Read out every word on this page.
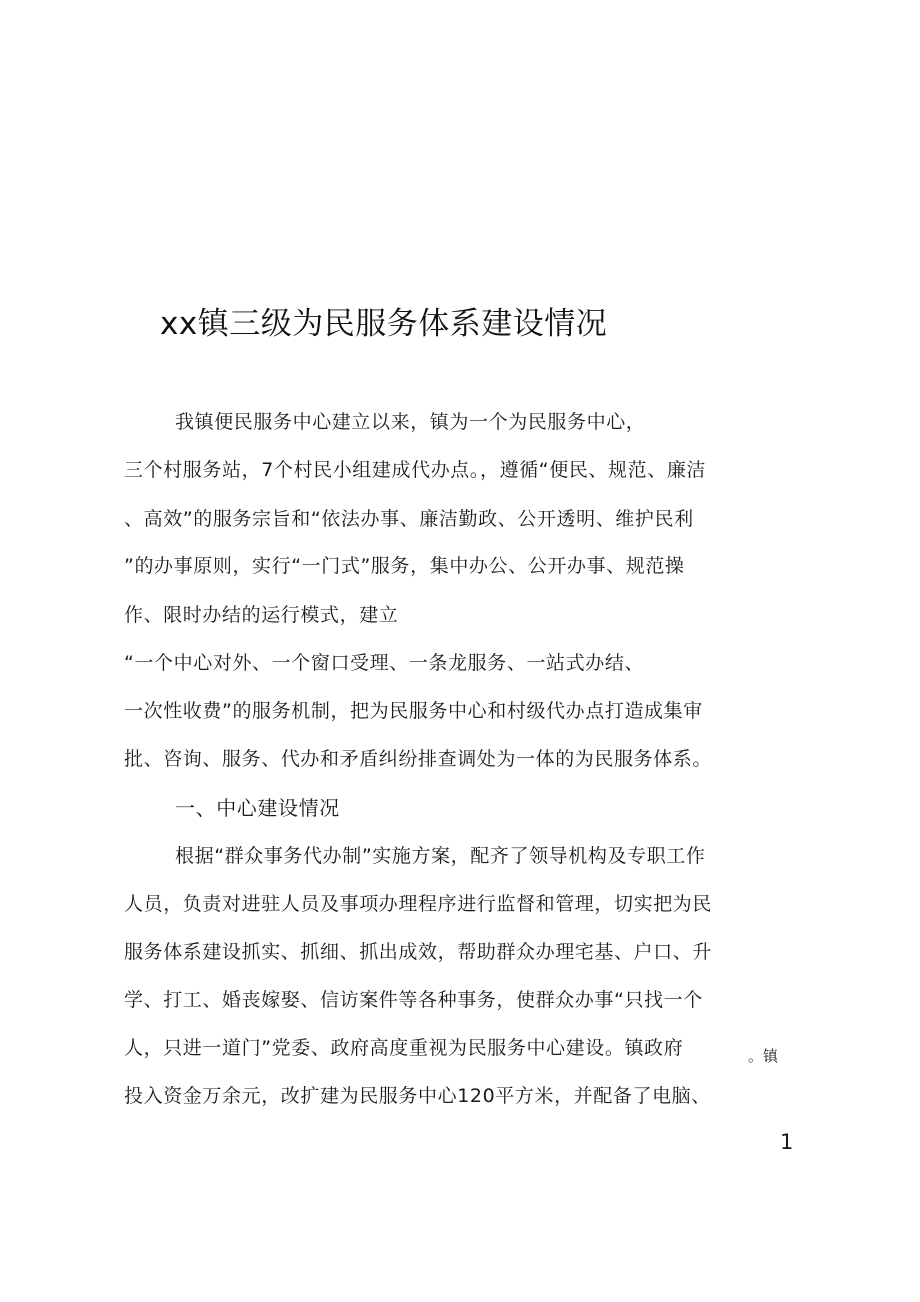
xx镇三级为民服务体系建设情况
我镇便民服务中心建立以来，镇为一个为民服务中心，
三个村服务站，7个村民小组建成代办点。，遵循“便民、规范、廉洁
、高效”的服务宗旨和“依法办事、廉洁勤政、公开透明、维护民利
”的办事原则，实行“一门式”服务，集中办公、公开办事、规范操
作、限时办结的运行模式，建立
“一个中心对外、一个窗口受理、一条龙服务、一站式办结、
一次性收费”的服务机制，把为民服务中心和村级代办点打造成集审
批、咨询、服务、代办和矛盾纠纷排查调处为一体的为民服务体系。
一、中心建设情况
根据“群众事务代办制”实施方案，配齐了领导机构及专职工作
人员，负责对进驻人员及事项办理程序进行监督和管理，切实把为民
服务体系建设抓实、抓细、抓出成效，帮助群众办理宅基、户口、升
学、打工、婚丧嫁娶、信访案件等各种事务，使群众办事“只找一个
人，只进一道门”党委、政府高度重视为民服务中心建设。镇政府
投入资金万余元，改扩建为民服务中心120平方米，并配备了电脑、
。镇
1
